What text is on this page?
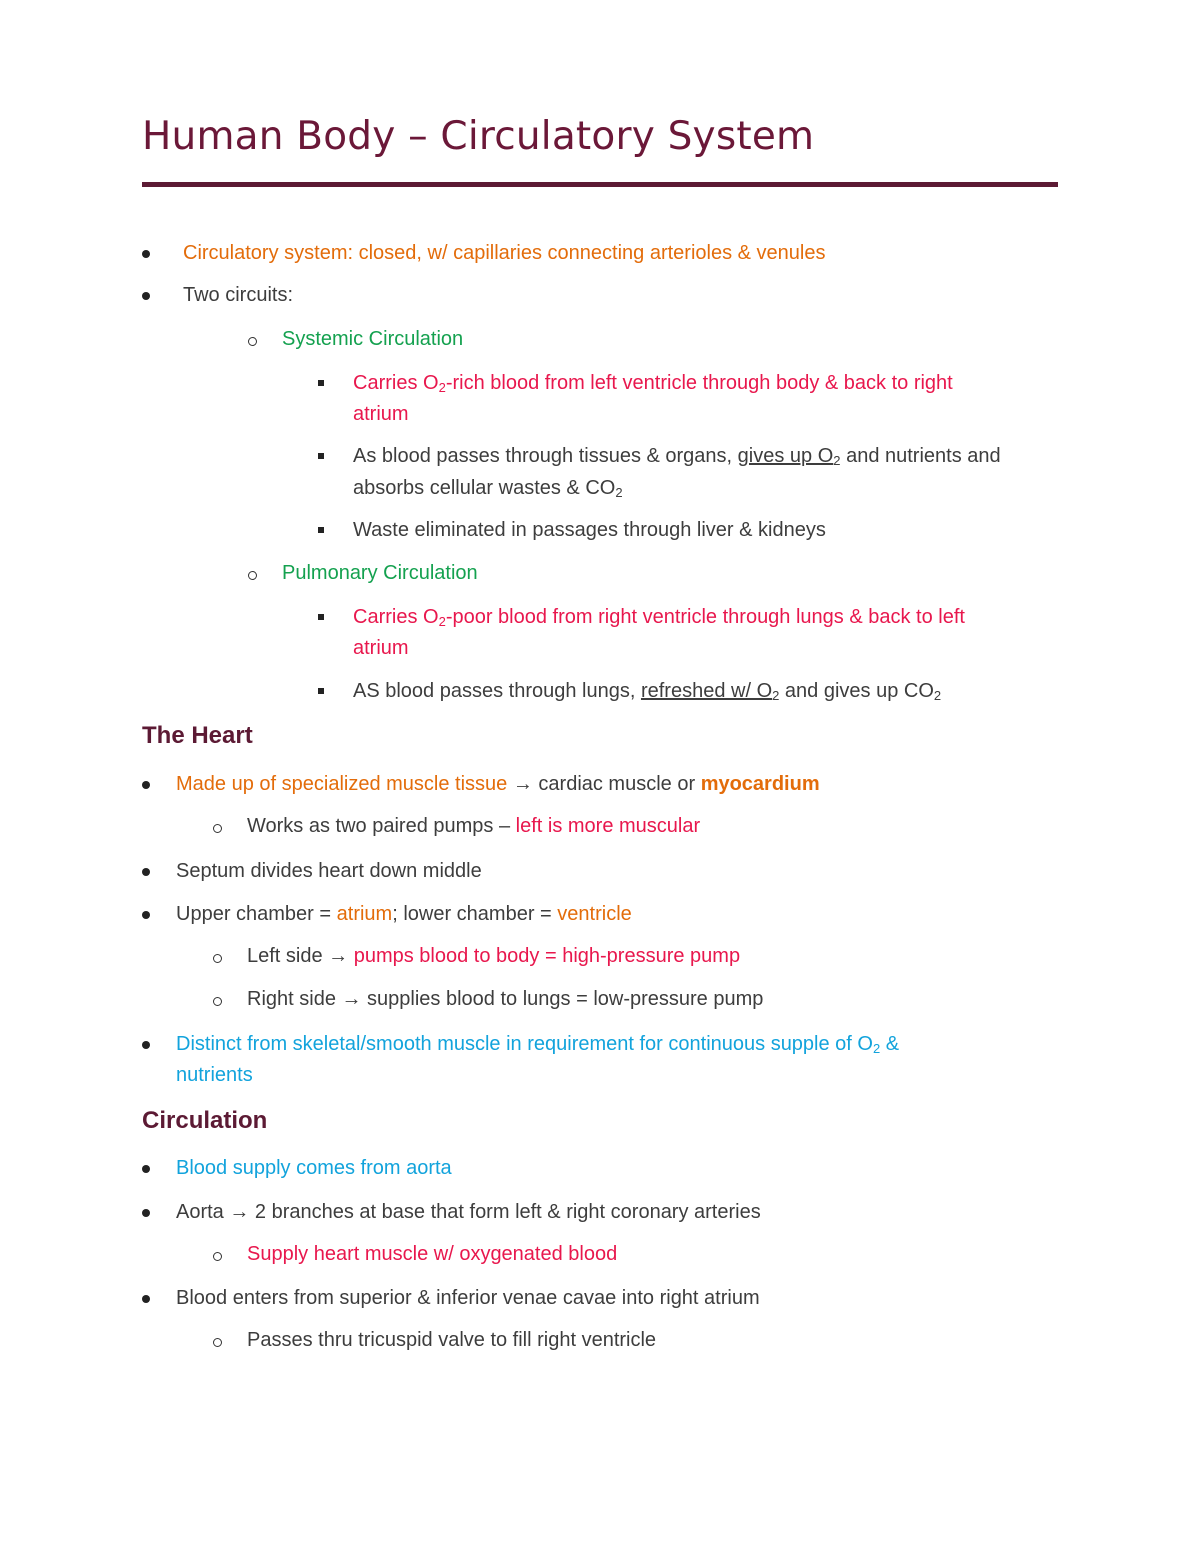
Human Body – Circulatory System
Circulatory system: closed, w/ capillaries connecting arterioles & venules
Two circuits:
Systemic Circulation
Carries $O_2$-rich blood from left ventricle through body & back to right
atrium
As blood passes through tissues & organs, gives up $O_2$ and nutrients and
absorbs cellular wastes & $CO_2$
Waste eliminated in passages through liver & kidneys
Pulmonary Circulation
Carries $O_2$-poor blood from right ventricle through lungs & back to left
atrium
AS blood passes through lungs, refreshed w/ $O_2$ and gives up $CO_2$
The Heart
Made up of specialized muscle tissue → cardiac muscle or myocardium
Works as two paired pumps – left is more muscular
Septum divides heart down middle
Upper chamber = atrium; lower chamber = ventricle
Left side → pumps blood to body = high-pressure pump
Right side → supplies blood to lungs = low-pressure pump
Distinct from skeletal/smooth muscle in requirement for continuous supple of $O_2$ &
nutrients
Circulation
Blood supply comes from aorta
Aorta → 2 branches at base that form left & right coronary arteries
Supply heart muscle w/ oxygenated blood
Blood enters from superior & inferior venae cavae into right atrium
Passes thru tricuspid valve to fill right ventricle
